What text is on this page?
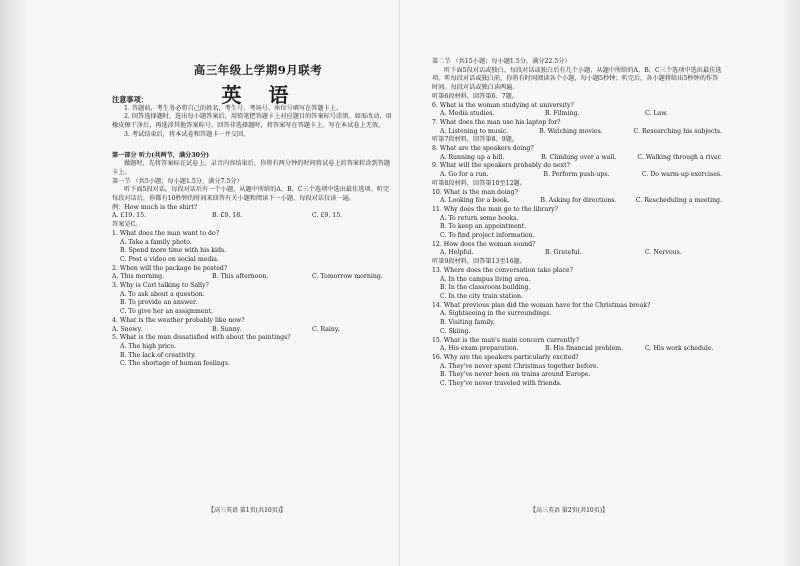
高三年级上学期9月联考
英 语
注意事项：
1. 答题前，考生务必将自己的姓名、考生号、考场号、座位号填写在答题卡上。
2. 回答选择题时，选出每小题答案后，用铅笔把答题卡上对应题目的答案标号涂黑。如需改动，用橡皮擦干净后，再选涂其他答案标号。回答非选择题时，将答案写在答题卡上。写在本试卷上无效。
3. 考试结束后，将本试卷和答题卡一并交回。
第一部分 听力(共两节，满分30分)
做题时，先将答案标在试卷上。录音内容结束后，你将有两分钟的时间将试卷上的答案转涂到答题卡上。
第一节 （共5小题；每小题1.5分，满分7.5分）
听下面5段对话。每段对话后有一个小题，从题中所给的A、B、C三个选项中选出最佳选项。听完每段对话后，你都有10秒钟的时间来回答有关小题和阅读下一小题。每段对话仅读一遍。
例：How much is the shirt?
A. £19. 15.	B. £9. 18.	C. £9. 15.
答案是C。
1. What does the man want to do?
A. Take a family photo.
B. Spend more time with his kids.
C. Post a video on social media.
2. When will the package be posted?
A. This morning.	B. This afternoon.	C. Tomorrow morning.
3. Why is Carl talking to Sally?
A. To ask about a question.
B. To provide an answer.
C. To give her an assignment.
4. What is the weather probably like now?
A. Snowy.	B. Sunny.	C. Rainy.
5. What is the man dissatisfied with about the paintings?
A. The high price.
B. The lack of creativity.
C. The shortage of human feelings.
【高三英语 第1页(共10页)】
第二节 （共15小题；每小题1.5分，满分22.5分）
听下面5段对话或独白。每段对话或独白后有几个小题，从题中所给的A、B、C三个选项中选出最佳选项。听每段对话或独白前，你将有时间阅读各个小题，每小题5秒钟；听完后，各小题将给出5秒钟的作答时间。每段对话或独白读两遍。
听第6段材料，回答第6、7题。
6. What is the woman studying at university?
A. Media studies.	B. Filming.	C. Law.
7. What does the man use his laptop for?
A. Listening to music.	B. Watching movies.	C. Researching his subjects.
听第7段材料，回答第8、9题。
8. What are the speakers doing?
A. Running up a hill.	B. Climbing over a wall.	C. Walking through a river.
9. What will the speakers probably do next?
A. Go for a run.	B. Perform push-ups.	C. Do warm-up exercises.
听第8段材料，回答第10至12题。
10. What is the man doing?
A. Looking for a book.	B. Asking for directions.	C. Rescheduling a meeting.
11. Why does the man go to the library?
A. To return some books.
B. To keep an appointment.
C. To find project information.
12. How does the woman sound?
A. Helpful.	B. Grateful.	C. Nervous.
听第9段材料，回答第13至16题。
13. Where does the conversation take place?
A. In the campus living area.
B. In the classroom building.
C. In the city train station.
14. What previous plan did the woman have for the Christmas break?
A. Sightseeing in the surroundings.
B. Visiting family.
C. Skiing.
15. What is the man's main concern currently?
A. His exam preparation.	B. His financial problem.	C. His work schedule.
16. Why are the speakers particularly excited?
A. They've never spent Christmas together before.
B. They've never been on trains around Europe.
C. They've never traveled with friends.
【高三英语 第2页(共10页)】
